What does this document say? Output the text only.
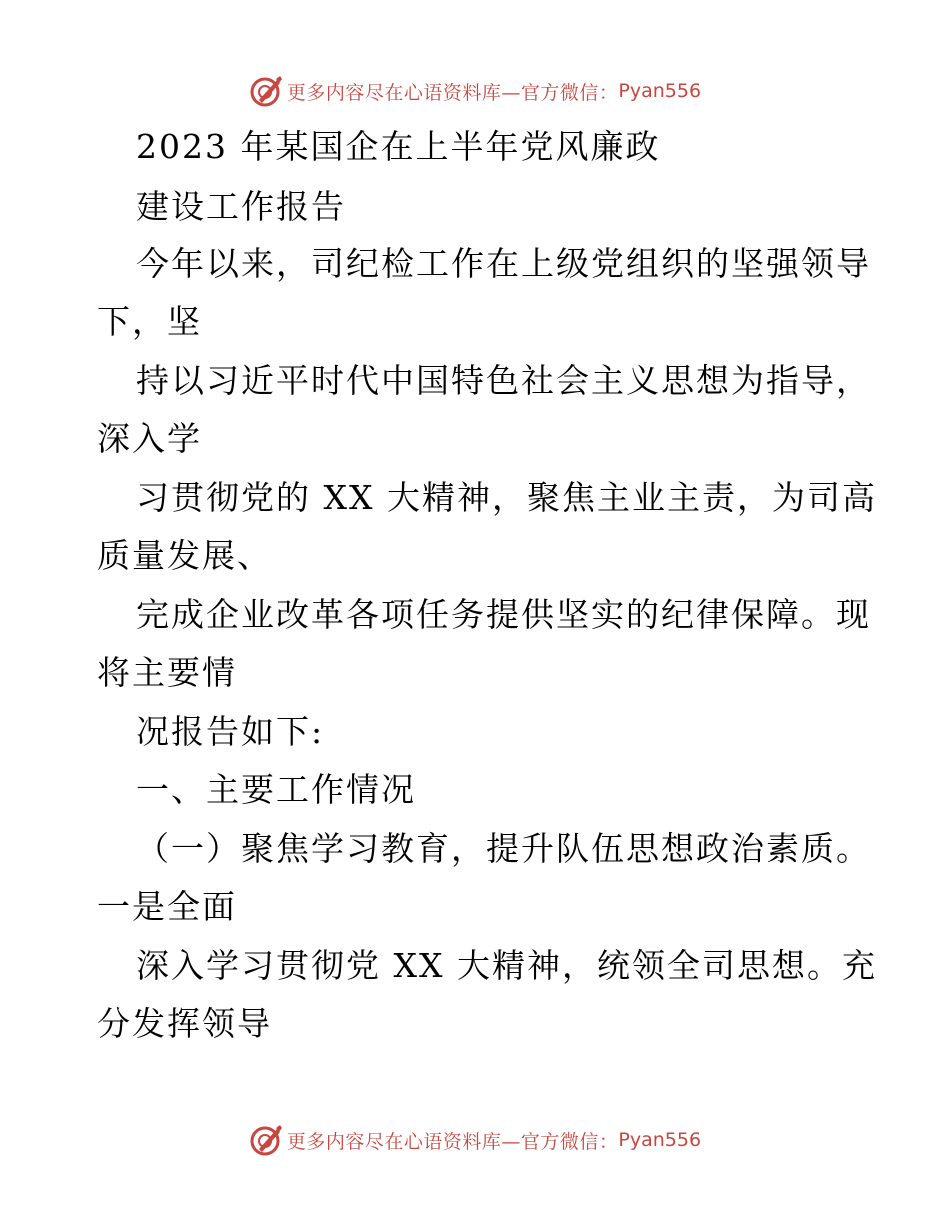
更多内容尽在心语资料库—官方微信： Pyan556
2023 年某国企在上半年党风廉政
建设工作报告
今年以来，司纪检工作在上级党组织的坚强领导
下，坚
持以习近平时代中国特色社会主义思想为指导，
深入学
习贯彻党的 XX 大精神，聚焦主业主责，为司高
质量发展、
完成企业改革各项任务提供坚实的纪律保障。现
将主要情
况报告如下:
一、主要工作情况
（一）聚焦学习教育，提升队伍思想政治素质。
一是全面
深入学习贯彻党 XX 大精神，统领全司思想。充
分发挥领导
更多内容尽在心语资料库—官方微信： Pyan556
